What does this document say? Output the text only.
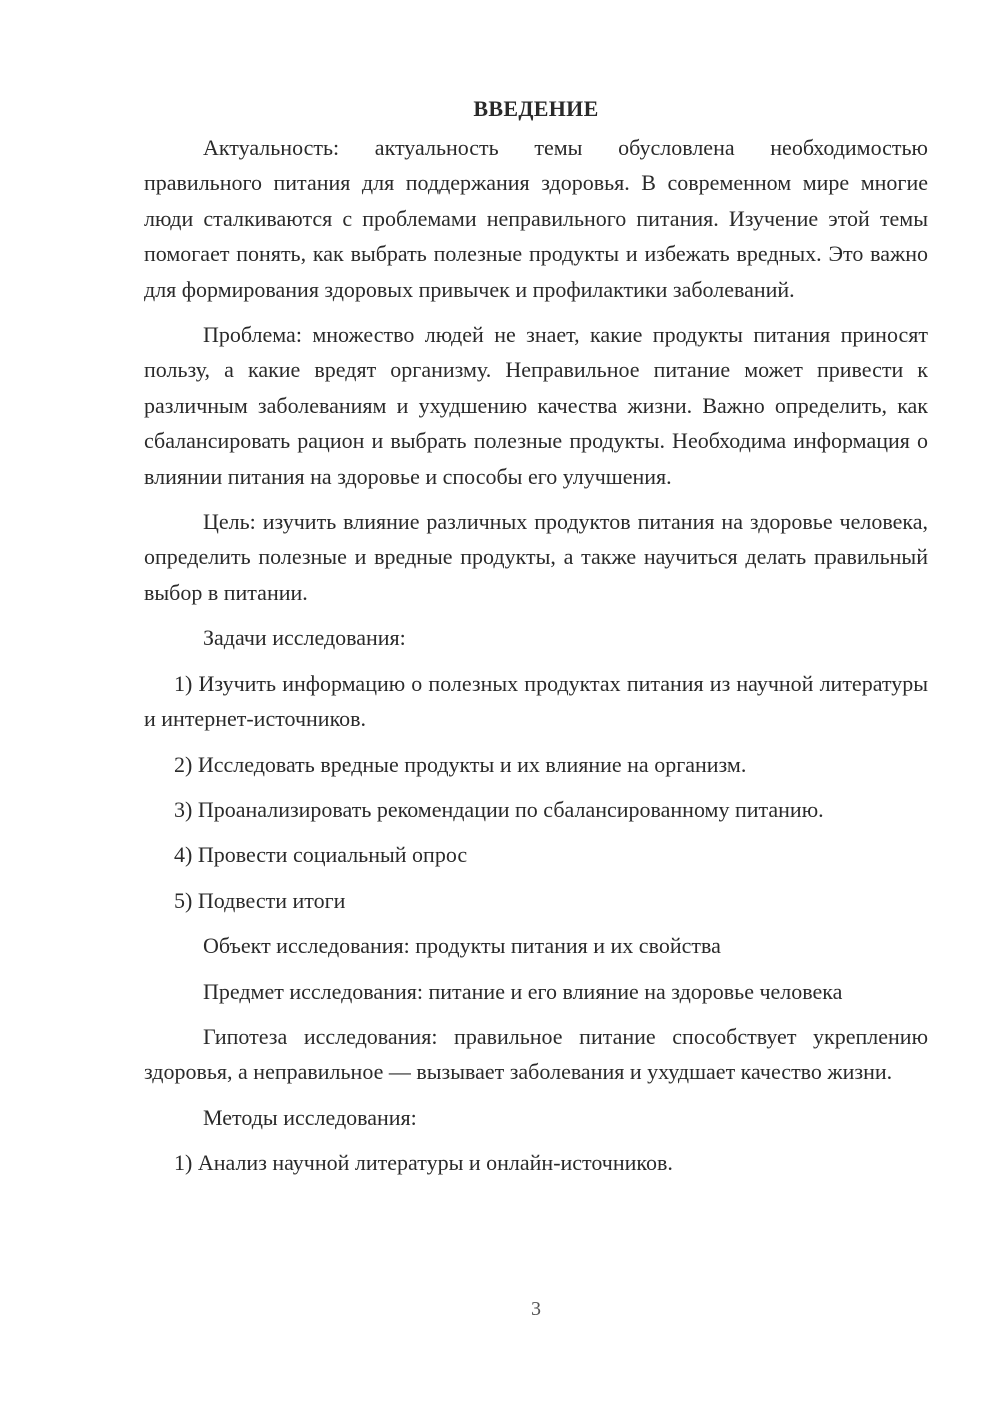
ВВЕДЕНИЕ

Актуальность: актуальность темы обусловлена необходимостью правильного питания для поддержания здоровья. В современном мире многие люди сталкиваются с проблемами неправильного питания. Изучение этой темы помогает понять, как выбрать полезные продукты и избежать вредных. Это важно для формирования здоровых привычек и профилактики заболеваний.

Проблема: множество людей не знает, какие продукты питания приносят пользу, а какие вредят организму. Неправильное питание может привести к различным заболеваниям и ухудшению качества жизни. Важно определить, как сбалансировать рацион и выбрать полезные продукты. Необходима информация о влиянии питания на здоровье и способы его улучшения.

Цель: изучить влияние различных продуктов питания на здоровье человека, определить полезные и вредные продукты, а также научиться делать правильный выбор в питании.

Задачи исследования:

1) Изучить информацию о полезных продуктах питания из научной литературы и интернет-источников.

2) Исследовать вредные продукты и их влияние на организм.
3) Проанализировать рекомендации по сбалансированному питанию.
4) Провести социальный опрос
5) Подвести итоги
Объект исследования: продукты питания и их свойства
Предмет исследования: питание и его влияние на здоровье человека

Гипотеза исследования: правильное питание способствует укреплению здоровья, а неправильное — вызывает заболевания и ухудшает качество жизни.

Методы исследования:
1) Анализ научной литературы и онлайн-источников.
3
